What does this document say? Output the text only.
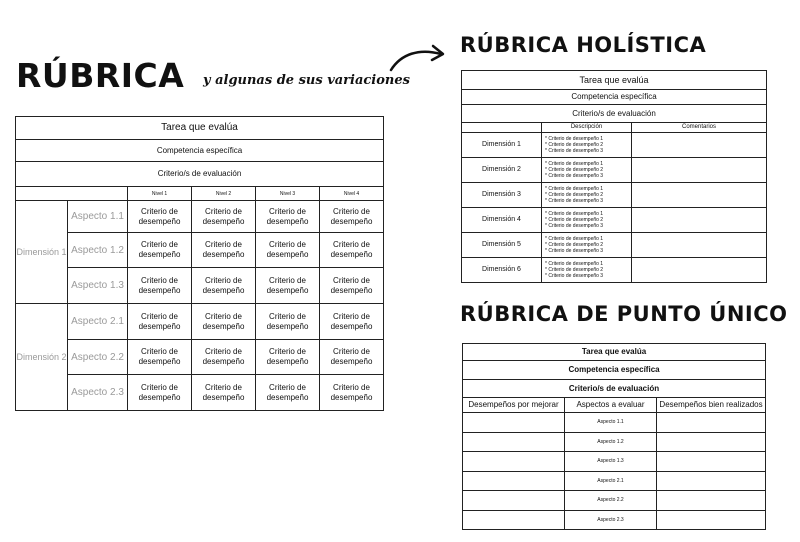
RÚBRICA y algunas de sus variaciones
RÚBRICA HOLÍSTICA
RÚBRICA DE PUNTO ÚNICO
Tarea que evalúa					
Competencia específica					
Criterio/s de evaluación					
		Nivel 1	Nivel 2	Nivel 3	Nivel 4
Dimensión 1	Aspecto 1.1	Criterio de desempeño	Criterio de desempeño	Criterio de desempeño	Criterio de desempeño
	Aspecto 1.2	Criterio de desempeño	Criterio de desempeño	Criterio de desempeño	Criterio de desempeño
	Aspecto 1.3	Criterio de desempeño	Criterio de desempeño	Criterio de desempeño	Criterio de desempeño
Dimensión 2	Aspecto 2.1	Criterio de desempeño	Criterio de desempeño	Criterio de desempeño	Criterio de desempeño
	Aspecto 2.2	Criterio de desempeño	Criterio de desempeño	Criterio de desempeño	Criterio de desempeño
	Aspecto 2.3	Criterio de desempeño	Criterio de desempeño	Criterio de desempeño	Criterio de desempeño
Tarea que evalúa		
Competencia específica		
Criterio/s de evaluación		
	Descripción	Comentarios
Dimensión 1	* Criterio de desempeño 1
* Criterio de desempeño 2
* Criterio de desempeño 3	

Dimensión 2	* Criterio de desempeño 1
* Criterio de desempeño 2
* Criterio de desempeño 3	

Dimensión 3	* Criterio de desempeño 1
* Criterio de desempeño 2
* Criterio de desempeño 3	

Dimensión 4	* Criterio de desempeño 1
* Criterio de desempeño 2
* Criterio de desempeño 3	

Dimensión 5	* Criterio de desempeño 1
* Criterio de desempeño 2
* Criterio de desempeño 3	

Dimensión 6	* Criterio de desempeño 1
* Criterio de desempeño 2
* Criterio de desempeño 3	

Tarea que evalúa		
Competencia específica		
Criterio/s de evaluación		
Desempeños por mejorar	Aspectos a evaluar	Desempeños bien realizados
	Aspecto 1.1	
	Aspecto 1.2	
	Aspecto 1.3	
	Aspecto 2.1	
	Aspecto 2.2	
	Aspecto 2.3	
